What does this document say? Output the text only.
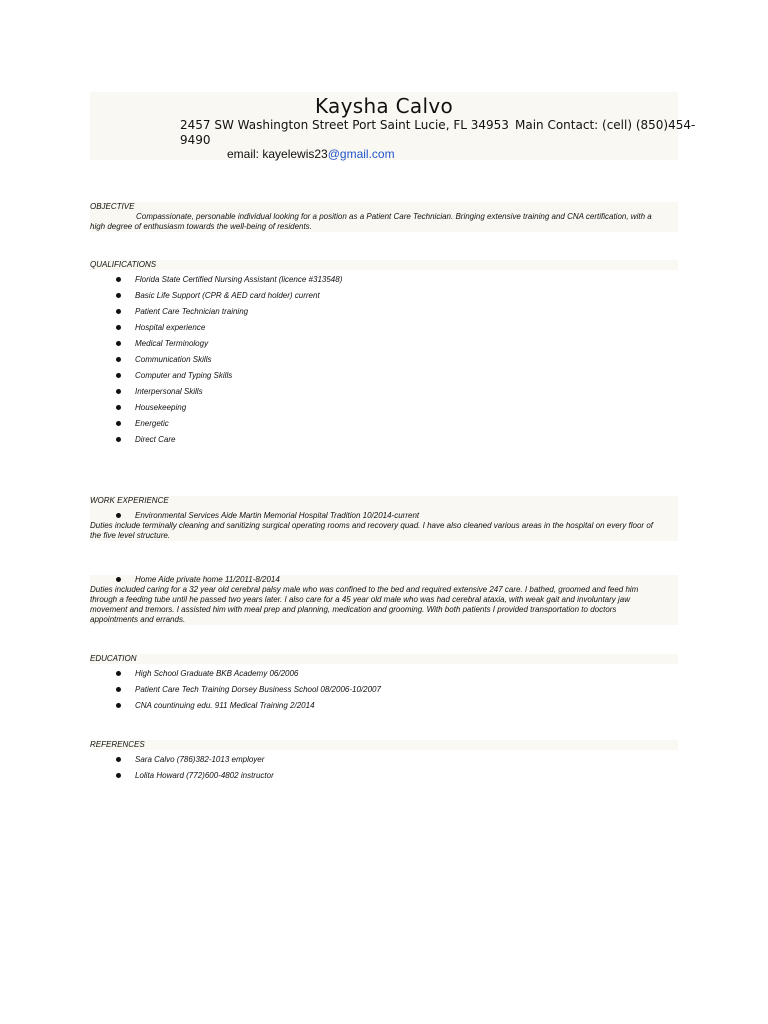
Kaysha Calvo
2457 SW Washington Street Port Saint Lucie, FL 34953 Main Contact: (cell) (850)454-
9490
email: kayelewis23@gmail.com
OBJECTIVE
Compassionate, personable individual looking for a position as a Patient Care Technician. Bringing extensive training and CNA certification, with a
high degree of enthusiasm towards the well-being of residents.
QUALIFICATIONS
Florida State Certified Nursing Assistant (licence #313548)
Basic Life Support (CPR & AED card holder) current
Patient Care Technician training
Hospital experience
Medical Terminology
Communication Skills
Computer and Typing Skills
Interpersonal Skills
Housekeeping
Energetic
Direct Care
WORK EXPERIENCE
Environmental Services Aide Martin Memorial Hospital Tradition 10/2014-current
Duties include terminally cleaning and sanitizing surgical operating rooms and recovery quad. I have also cleaned various areas in the hospital on every floor of
the five level structure.
Home Aide private home 11/2011-8/2014
Duties included caring for a 32 year old cerebral palsy male who was confined to the bed and required extensive 247 care. I bathed, groomed and feed him
through a feeding tube until he passed two years later. I also care for a 45 year old male who was had cerebral ataxia, with weak gait and involuntary jaw
movement and tremors. I assisted him with meal prep and planning, medication and grooming. With both patients I provided transportation to doctors
appointments and errands.
EDUCATION
High School Graduate BKB Academy 06/2006
Patient Care Tech Training Dorsey Business School 08/2006-10/2007
CNA countinuing edu. 911 Medical Training 2/2014
REFERENCES
Sara Calvo (786)382-1013 employer
Lolita Howard (772)600-4802 instructor
